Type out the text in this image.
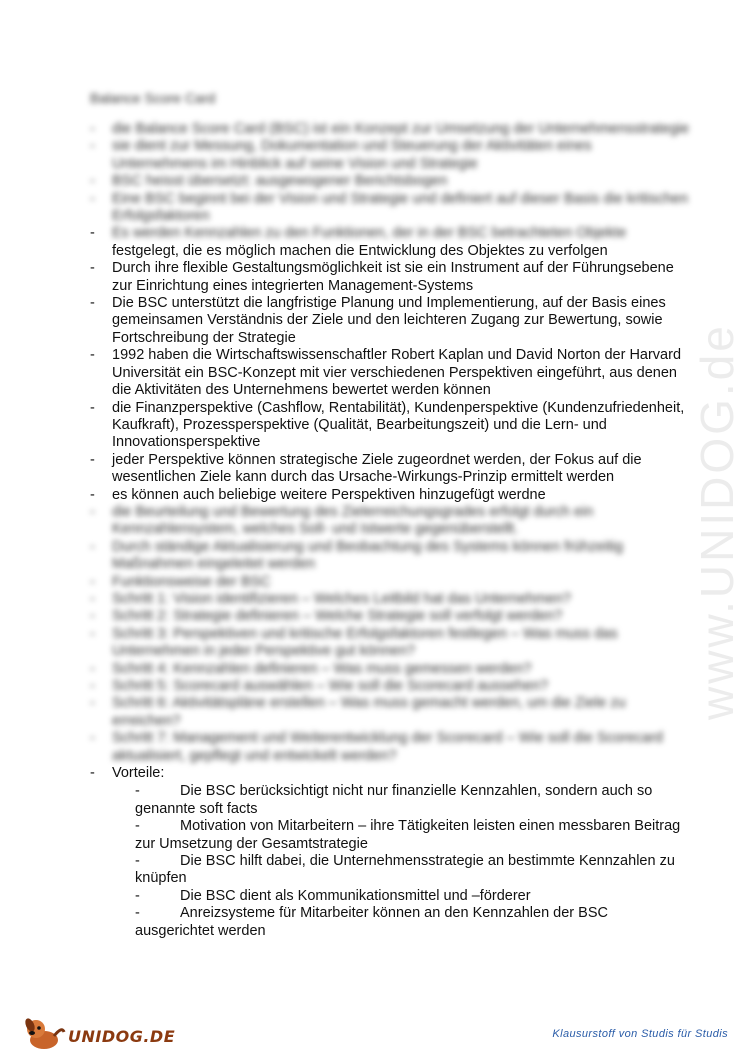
www.UNIDOG.de
Balance Score Card
- die Balance Score Card (BSC) ist ein Konzept zur Umsetzung der Unternehmensstrategie
- sie dient zur Messung, Dokumentation und Steuerung der Aktivitäten eines Unternehmens im Hinblick auf seine Vision und Strategie
- BSC heisst übersetzt: ausgewogener Berichtsbogen
- Eine BSC beginnt bei der Vision und Strategie und definiert auf dieser Basis die kritischen Erfolgsfaktoren
- Es werden Kennzahlen zu den Funktionen, der in der BSC betrachteten Objekte
festgelegt, die es möglich machen die Entwicklung des Objektes zu verfolgen
- Durch ihre flexible Gestaltungsmöglichkeit ist sie ein Instrument auf der Führungsebene zur Einrichtung eines integrierten Management-Systems
- Die BSC unterstützt die langfristige Planung und Implementierung, auf der Basis eines gemeinsamen Verständnis der Ziele und den leichteren Zugang zur Bewertung, sowie Fortschreibung der Strategie
- 1992 haben die Wirtschaftswissenschaftler Robert Kaplan und David Norton der Harvard Universität ein BSC-Konzept mit vier verschiedenen Perspektiven eingeführt, aus denen die Aktivitäten des Unternehmens bewertet werden können
- die Finanzperspektive (Cashflow, Rentabilität), Kundenperspektive (Kundenzufriedenheit, Kaufkraft), Prozessperspektive (Qualität, Bearbeitungszeit) und die Lern- und Innovationsperspektive
- jeder Perspektive können strategische Ziele zugeordnet werden, der Fokus auf die wesentlichen Ziele kann durch das Ursache-Wirkungs-Prinzip ermittelt werden
- es können auch beliebige weitere Perspektiven hinzugefügt werdne
- die Beurteilung und Bewertung des Zielerreichungsgrades erfolgt durch ein Kennzahlensystem, welches Soll- und Istwerte gegenüberstellt.
- Durch ständige Aktualisierung und Beobachtung des Systems können frühzeitig Maßnahmen eingeleitet werden
- Funktionsweise der BSC
- Schritt 1: Vision identifizieren – Welches Leitbild hat das Unternehmen?
- Schritt 2: Strategie definieren – Welche Strategie soll verfolgt werden?
- Schritt 3: Perspektiven und kritische Erfolgsfaktoren festlegen – Was muss das Unternehmen in jeder Perspektive gut können?
- Schritt 4: Kennzahlen definieren – Was muss gemessen werden?
- Schritt 5: Scorecard auswählen – Wie soll die Scorecard aussehen?
- Schritt 6: Aktivitätspläne erstellen – Was muss gemacht werden, um die Ziele zu erreichen?
- Schritt 7: Management und Weiterentwicklung der Scorecard – Wie soll die Scorecard aktualisiert, gepflegt und entwickelt werden?
- Vorteile:
-	Die BSC berücksichtigt nicht nur finanzielle Kennzahlen, sondern auch so genannte soft facts
-	Motivation von Mitarbeitern – ihre Tätigkeiten leisten einen messbaren Beitrag zur Umsetzung der Gesamtstrategie
-	Die BSC hilft dabei, die Unternehmensstrategie an bestimmte Kennzahlen zu knüpfen
-	Die BSC dient als Kommunikationsmittel und –förderer
-	Anreizsysteme für Mitarbeiter können an den Kennzahlen der BSC ausgerichtet werden
UNIDOG.DE	Klausurstoff von Studis für Studis
